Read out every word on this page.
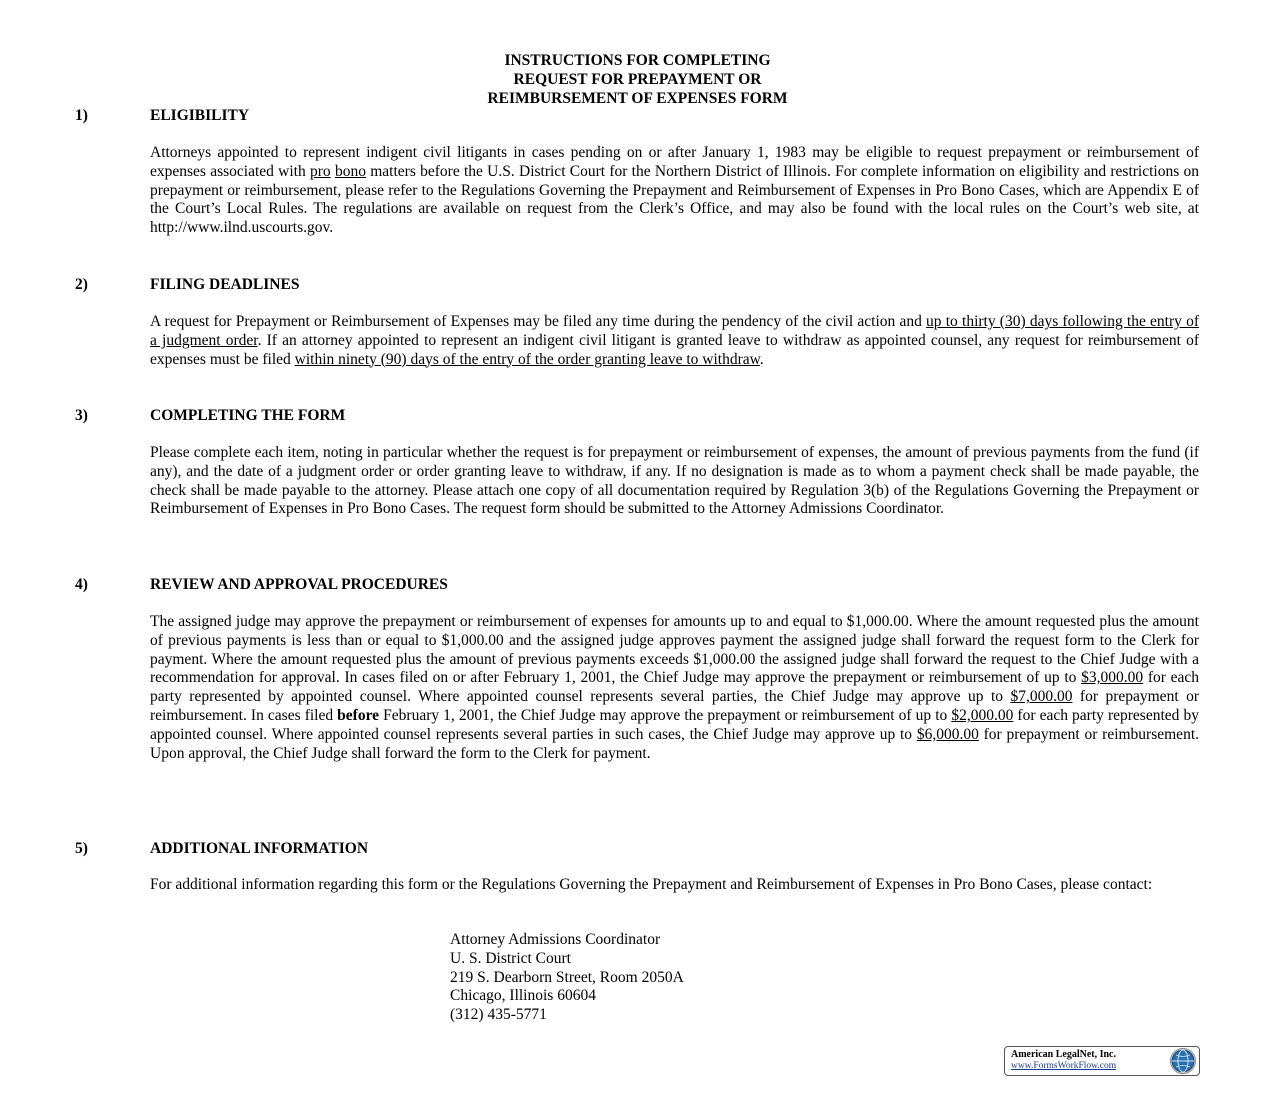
INSTRUCTIONS FOR COMPLETING
REQUEST FOR PREPAYMENT OR
REIMBURSEMENT OF EXPENSES FORM
1)	ELIGIBILITY
Attorneys appointed to represent indigent civil litigants in cases pending on or after January 1, 1983 may be eligible to request prepayment or reimbursement of expenses associated with pro bono matters before the U.S. District Court for the Northern District of Illinois. For complete information on eligibility and restrictions on prepayment or reimbursement, please refer to the Regulations Governing the Prepayment and Reimbursement of Expenses in Pro Bono Cases, which are Appendix E of the Court’s Local Rules. The regulations are available on request from the Clerk’s Office, and may also be found with the local rules on the Court’s web site, at http://www.ilnd.uscourts.gov.
2)	FILING DEADLINES
A request for Prepayment or Reimbursement of Expenses may be filed any time during the pendency of the civil action and up to thirty (30) days following the entry of a judgment order. If an attorney appointed to represent an indigent civil litigant is granted leave to withdraw as appointed counsel, any request for reimbursement of expenses must be filed within ninety (90) days of the entry of the order granting leave to withdraw.
3)	COMPLETING THE FORM
Please complete each item, noting in particular whether the request is for prepayment or reimbursement of expenses, the amount of previous payments from the fund (if any), and the date of a judgment order or order granting leave to withdraw, if any. If no designation is made as to whom a payment check shall be made payable, the check shall be made payable to the attorney. Please attach one copy of all documentation required by Regulation 3(b) of the Regulations Governing the Prepayment or Reimbursement of Expenses in Pro Bono Cases. The request form should be submitted to the Attorney Admissions Coordinator.
4)	REVIEW AND APPROVAL PROCEDURES
The assigned judge may approve the prepayment or reimbursement of expenses for amounts up to and equal to $1,000.00. Where the amount requested plus the amount of previous payments is less than or equal to $1,000.00 and the assigned judge approves payment the assigned judge shall forward the request form to the Clerk for payment. Where the amount requested plus the amount of previous payments exceeds $1,000.00 the assigned judge shall forward the request to the Chief Judge with a recommendation for approval. In cases filed on or after February 1, 2001, the Chief Judge may approve the prepayment or reimbursement of up to $3,000.00 for each party represented by appointed counsel. Where appointed counsel represents several parties, the Chief Judge may approve up to $7,000.00 for prepayment or reimbursement. In cases filed before February 1, 2001, the Chief Judge may approve the prepayment or reimbursement of up to $2,000.00 for each party represented by appointed counsel. Where appointed counsel represents several parties in such cases, the Chief Judge may approve up to $6,000.00 for prepayment or reimbursement. Upon approval, the Chief Judge shall forward the form to the Clerk for payment.
5)	ADDITIONAL INFORMATION
For additional information regarding this form or the Regulations Governing the Prepayment and Reimbursement of Expenses in Pro Bono Cases, please contact:
Attorney Admissions Coordinator
U. S. District Court
219 S. Dearborn Street, Room 2050A
Chicago, Illinois 60604
(312) 435-5771
American LegalNet, Inc.
www.FormsWorkFlow.com
